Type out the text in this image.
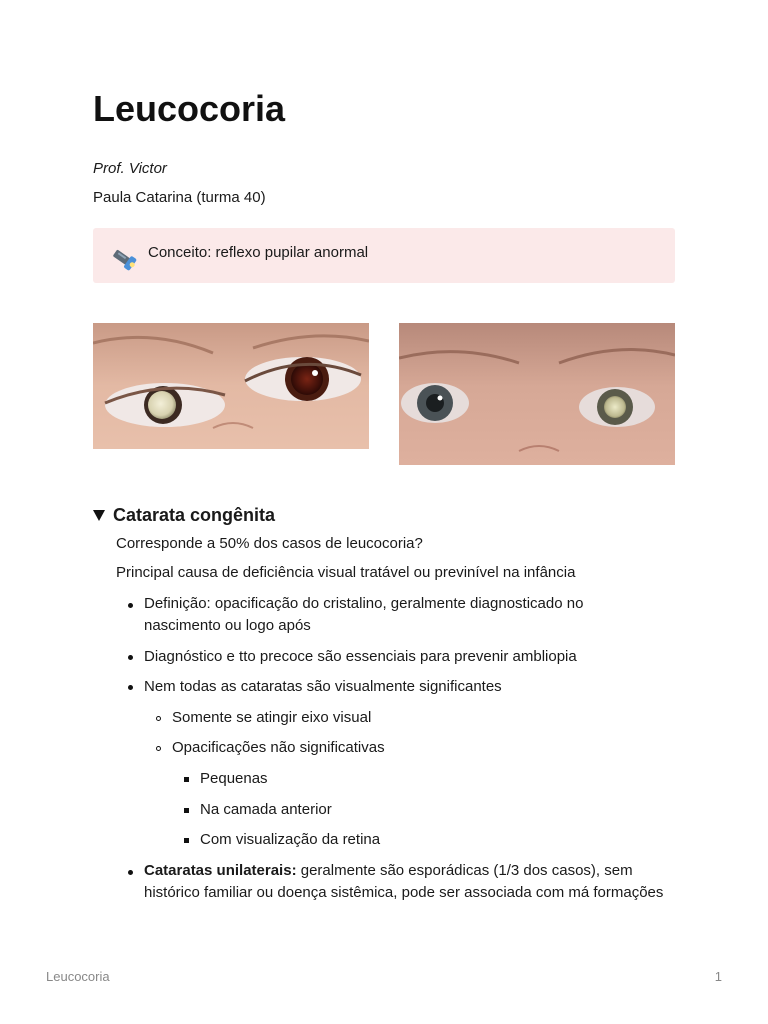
Leucocoria
Prof. Victor
Paula Catarina (turma 40)
Conceito: reflexo pupilar anormal
Catarata congênita
Corresponde a 50% dos casos de leucocoria?
Principal causa de deficiência visual tratável ou previnível na infância
Definição: opacificação do cristalino, geralmente diagnosticado no nascimento ou logo após
Diagnóstico e tto precoce são essenciais para prevenir ambliopia
Nem todas as cataratas são visualmente significantes
Somente se atingir eixo visual
Opacificações não significativas
Pequenas
Na camada anterior
Com visualização da retina
Cataratas unilaterais: geralmente são esporádicas (1/3 dos casos), sem histórico familiar ou doença sistêmica, pode ser associada com má formações
Leucocoria	1
